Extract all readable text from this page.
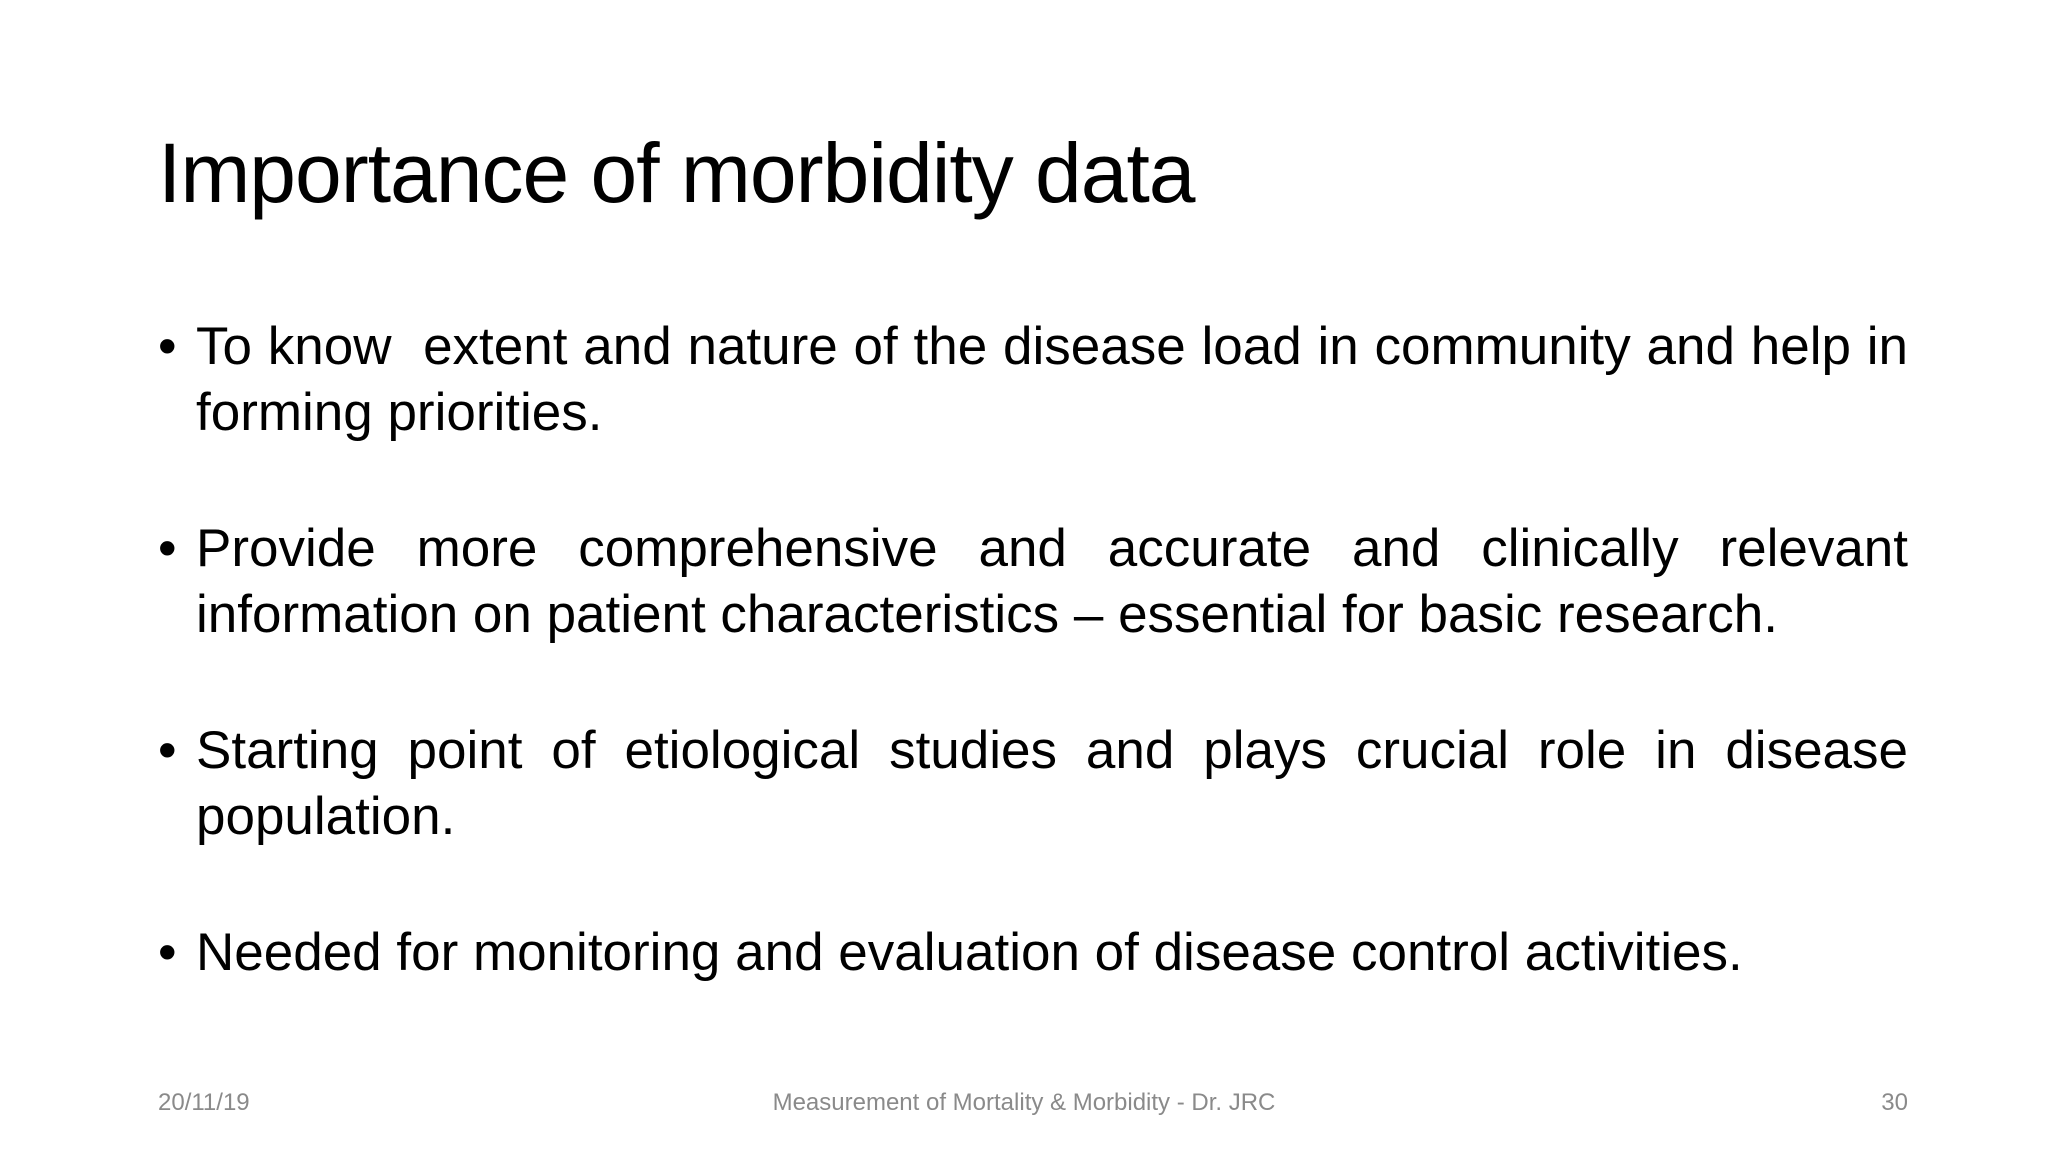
Importance of morbidity data
• To know  extent and nature of the disease load in community and help in forming priorities.
• Provide more comprehensive and accurate and clinically relevant information on patient characteristics – essential for basic research.
• Starting point of etiological studies and plays crucial role in disease population.
• Needed for monitoring and evaluation of disease control activities.
20/11/19	Measurement of Mortality & Morbidity - Dr. JRC	30
